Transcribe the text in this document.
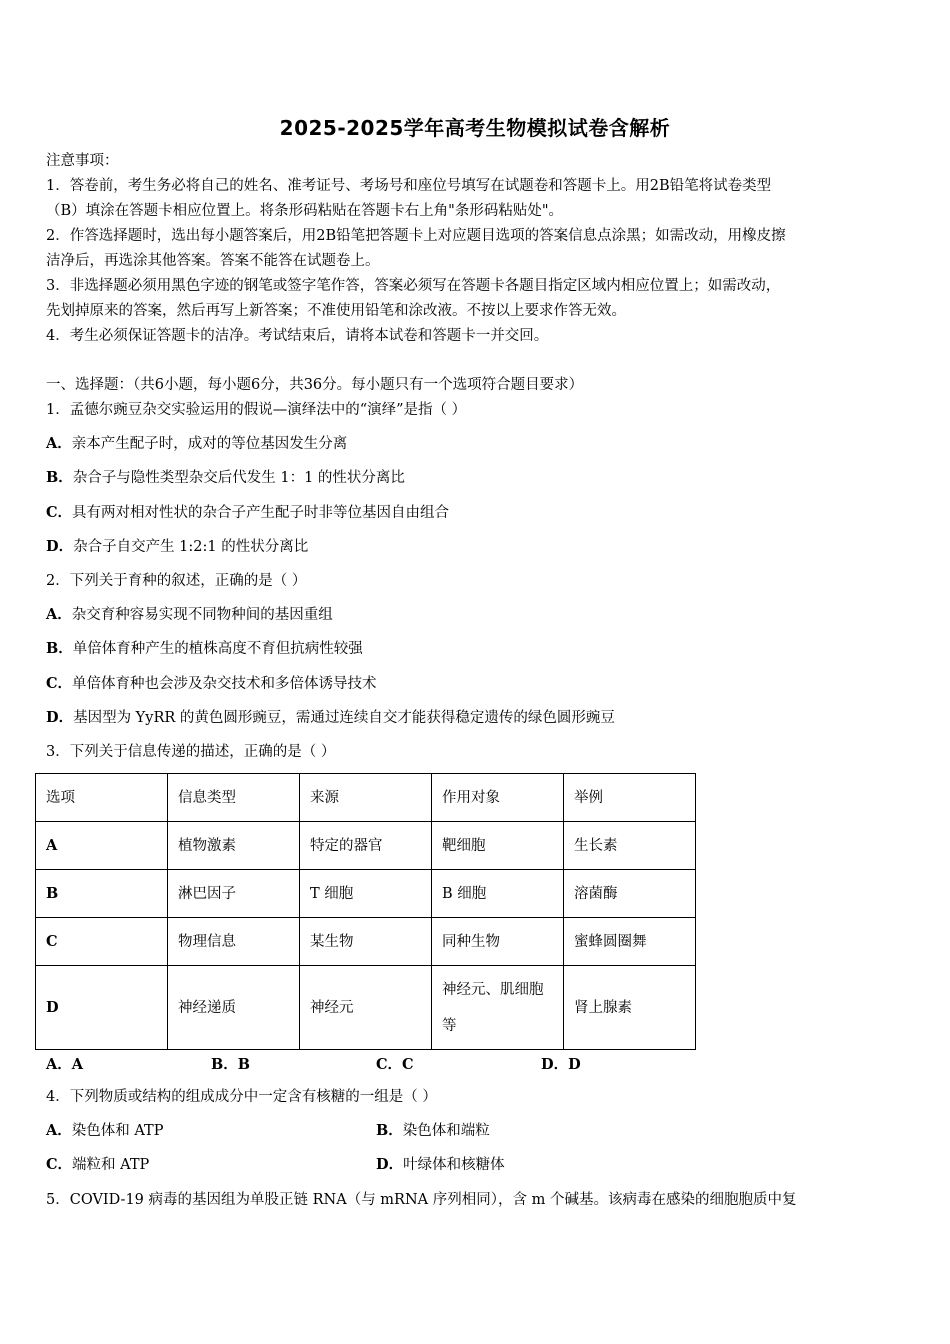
2025-2025学年高考生物模拟试卷含解析
注意事项：
1．答卷前，考生务必将自己的姓名、准考证号、考场号和座位号填写在试题卷和答题卡上。用2B铅笔将试卷类型
（B）填涂在答题卡相应位置上。将条形码粘贴在答题卡右上角"条形码粘贴处"。
2．作答选择题时，选出每小题答案后，用2B铅笔把答题卡上对应题目选项的答案信息点涂黑；如需改动，用橡皮擦
洁净后，再选涂其他答案。答案不能答在试题卷上。
3．非选择题必须用黑色字迹的钢笔或签字笔作答，答案必须写在答题卡各题目指定区域内相应位置上；如需改动，
先划掉原来的答案，然后再写上新答案；不准使用铅笔和涂改液。不按以上要求作答无效。
4．考生必须保证答题卡的洁净。考试结束后，请将本试卷和答题卡一并交回。
一、选择题：（共6小题，每小题6分，共36分。每小题只有一个选项符合题目要求）
1．孟德尔豌豆杂交实验运用的假说—演绎法中的“演绎”是指（ ）
A．亲本产生配子时，成对的等位基因发生分离
B．杂合子与隐性类型杂交后代发生 1：1 的性状分离比
C．具有两对相对性状的杂合子产生配子时非等位基因自由组合
D．杂合子自交产生 1:2:1 的性状分离比
2．下列关于育种的叙述，正确的是（ ）
A．杂交育种容易实现不同物种间的基因重组
B．单倍体育种产生的植株高度不育但抗病性较强
C．单倍体育种也会涉及杂交技术和多倍体诱导技术
D．基因型为 YyRR 的黄色圆形豌豆，需通过连续自交才能获得稳定遗传的绿色圆形豌豆
3．下列关于信息传递的描述，正确的是（ ）
选项	信息类型	来源	作用对象	举例
A	植物激素	特定的器官	靶细胞	生长素
B	淋巴因子	T 细胞	B 细胞	溶菌酶
C	物理信息	某生物	同种生物	蜜蜂圆圈舞
D	神经递质	神经元	神经元、肌细胞等	肾上腺素
A．A	B．B	C．C	D．D
4．下列物质或结构的组成成分中一定含有核糖的一组是（ ）
A．染色体和 ATP	B．染色体和端粒
C．端粒和 ATP	D．叶绿体和核糖体
5．COVID-19 病毒的基因组为单股正链 RNA（与 mRNA 序列相同），含 m 个碱基。该病毒在感染的细胞胞质中复
